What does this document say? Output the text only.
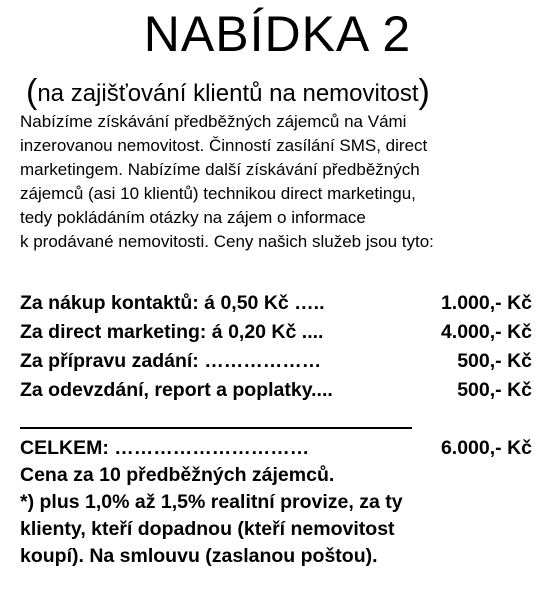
NABÍDKA 2
(na zajišťování klientů na nemovitost)
Nabízíme získávání předběžných zájemců na Vámi
inzerovanou nemovitost. Činností zasílání SMS, direct
marketingem. Nabízíme další získávání předběžných
zájemců (asi 10 klientů) technikou direct marketingu,
tedy pokládáním otázky na zájem o informace
k prodávané nemovitosti. Ceny našich služeb jsou tyto:
Za nákup kontaktů: á 0,50 Kč …..	1.000,- Kč
Za direct marketing: á 0,20 Kč ....	4.000,- Kč
Za přípravu zadání: ………………	500,- Kč
Za odevzdání, report a poplatky....	500,- Kč
CELKEM: …………………………	6.000,- Kč
Cena za 10 předběžných zájemců.
*) plus 1,0% až 1,5% realitní provize, za ty
klienty, kteří dopadnou (kteří nemovitost
koupí). Na smlouvu (zaslanou poštou).
